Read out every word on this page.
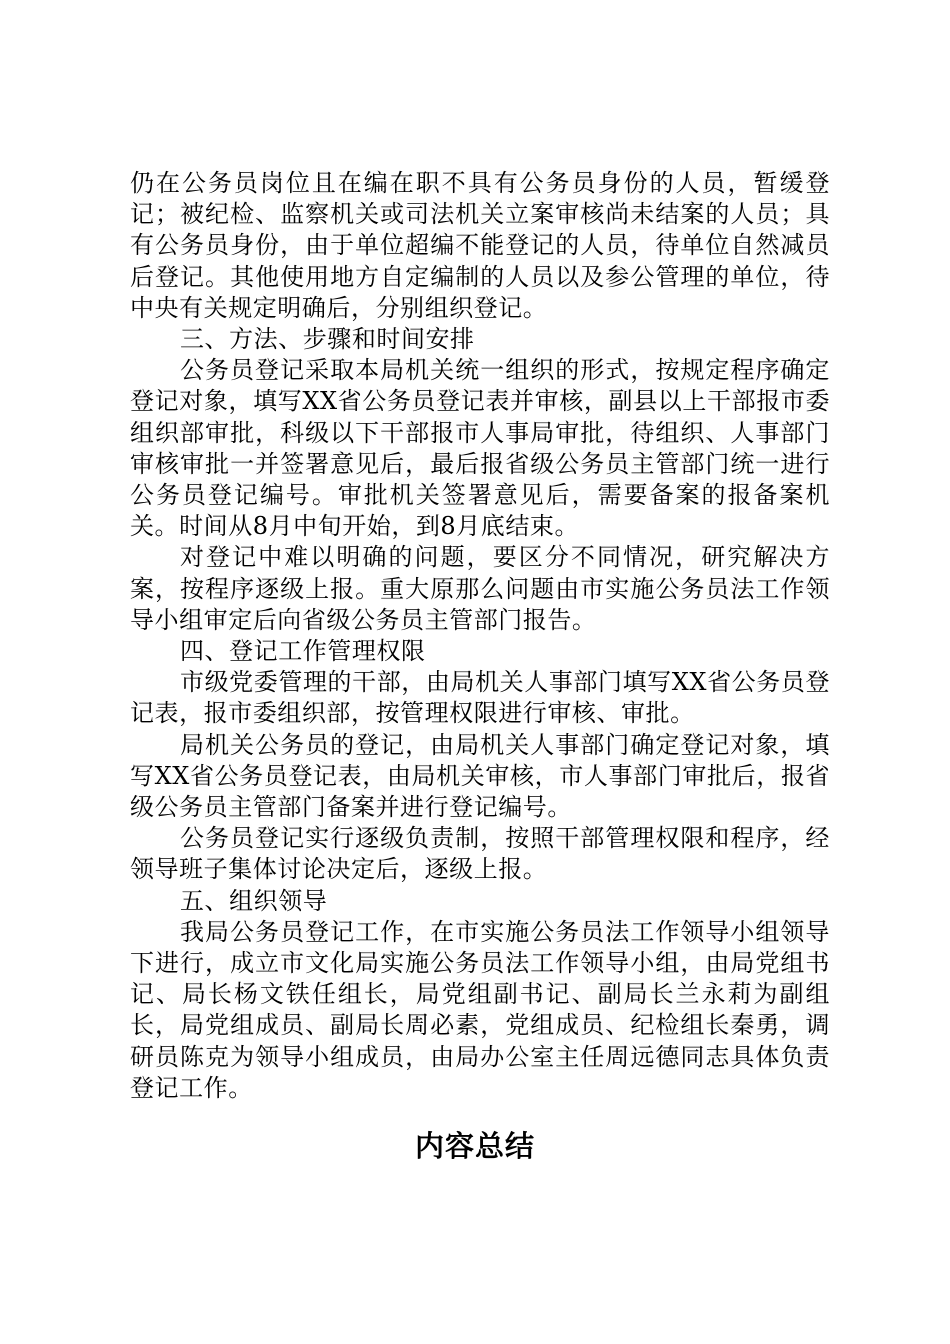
仍在公务员岗位且在编在职不具有公务员身份的人员，暂缓登记；被纪检、监察机关或司法机关立案审核尚未结案的人员；具有公务员身份，由于单位超编不能登记的人员，待单位自然减员后登记。其他使用地方自定编制的人员以及参公管理的单位，待中央有关规定明确后，分别组织登记。

三、方法、步骤和时间安排

公务员登记采取本局机关统一组织的形式，按规定程序确定登记对象，填写XX省公务员登记表并审核，副县以上干部报市委组织部审批，科级以下干部报市人事局审批，待组织、人事部门审核审批一并签署意见后，最后报省级公务员主管部门统一进行公务员登记编号。审批机关签署意见后，需要备案的报备案机关。时间从8月中旬开始，到8月底结束。

对登记中难以明确的问题，要区分不同情况，研究解决方案，按程序逐级上报。重大原那么问题由市实施公务员法工作领导小组审定后向省级公务员主管部门报告。

四、登记工作管理权限

市级党委管理的干部，由局机关人事部门填写XX省公务员登记表，报市委组织部，按管理权限进行审核、审批。

局机关公务员的登记，由局机关人事部门确定登记对象，填写XX省公务员登记表，由局机关审核，市人事部门审批后，报省级公务员主管部门备案并进行登记编号。

公务员登记实行逐级负责制，按照干部管理权限和程序，经领导班子集体讨论决定后，逐级上报。

五、组织领导

我局公务员登记工作，在市实施公务员法工作领导小组领导下进行，成立市文化局实施公务员法工作领导小组，由局党组书记、局长杨文铁任组长，局党组副书记、副局长兰永莉为副组长，局党组成员、副局长周必素，党组成员、纪检组长秦勇，调研员陈克为领导小组成员，由局办公室主任周远德同志具体负责登记工作。

内容总结
